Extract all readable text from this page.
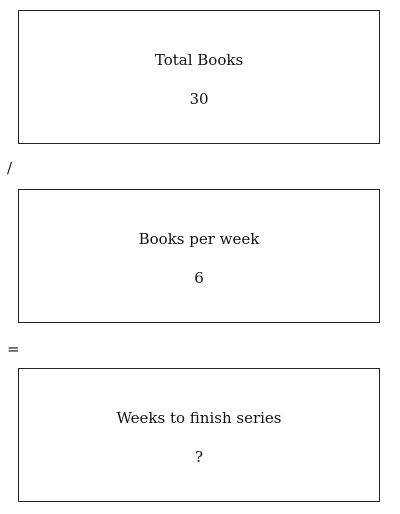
Total Books
30
/
Books per week
6
=
Weeks to finish series
?
